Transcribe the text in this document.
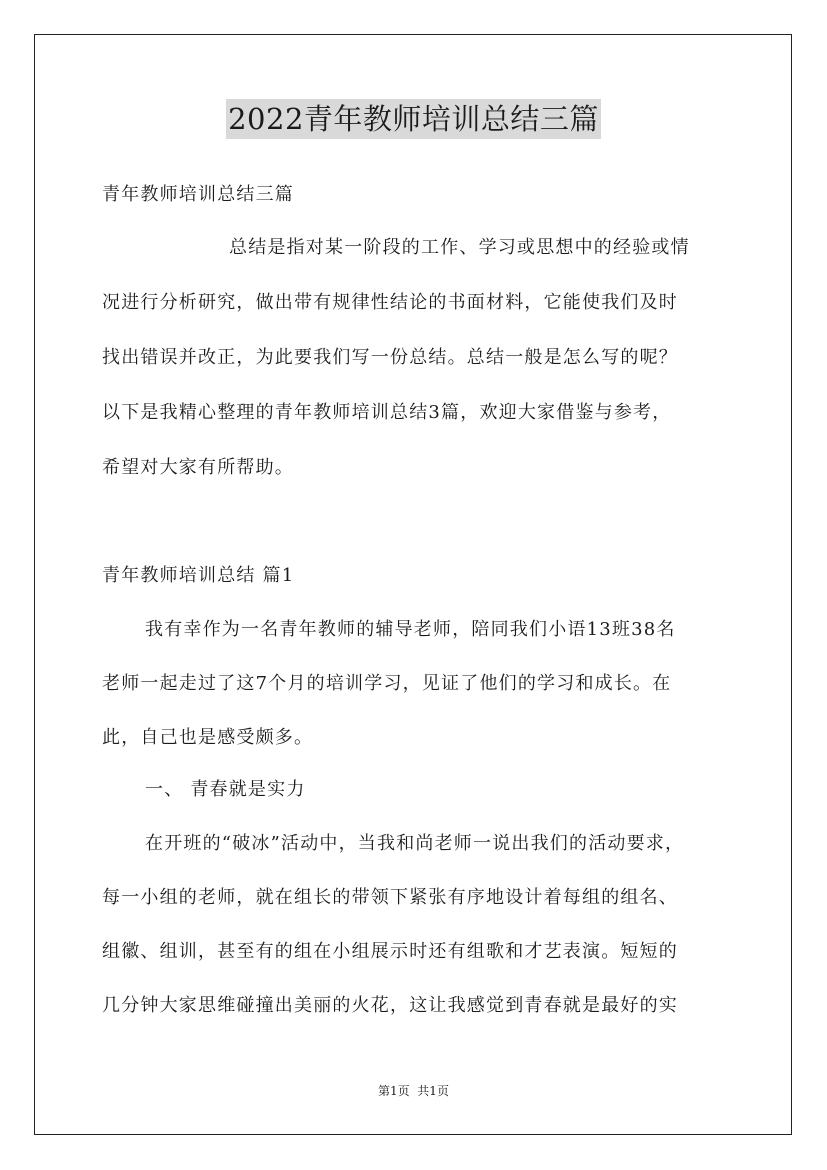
2022青年教师培训总结三篇
青年教师培训总结三篇
总结是指对某一阶段的工作、学习或思想中的经验或情
况进行分析研究，做出带有规律性结论的书面材料，它能使我们及时
找出错误并改正，为此要我们写一份总结。总结一般是怎么写的呢？
以下是我精心整理的青年教师培训总结3篇，欢迎大家借鉴与参考，
希望对大家有所帮助。
青年教师培训总结 篇1
我有幸作为一名青年教师的辅导老师，陪同我们小语13班38名
老师一起走过了这7个月的培训学习，见证了他们的学习和成长。在
此，自己也是感受颇多。
一、 青春就是实力
在开班的“破冰”活动中，当我和尚老师一说出我们的活动要求，
每一小组的老师，就在组长的带领下紧张有序地设计着每组的组名、
组徽、组训，甚至有的组在小组展示时还有组歌和才艺表演。短短的
几分钟大家思维碰撞出美丽的火花，这让我感觉到青春就是最好的实
第1页  共1页
